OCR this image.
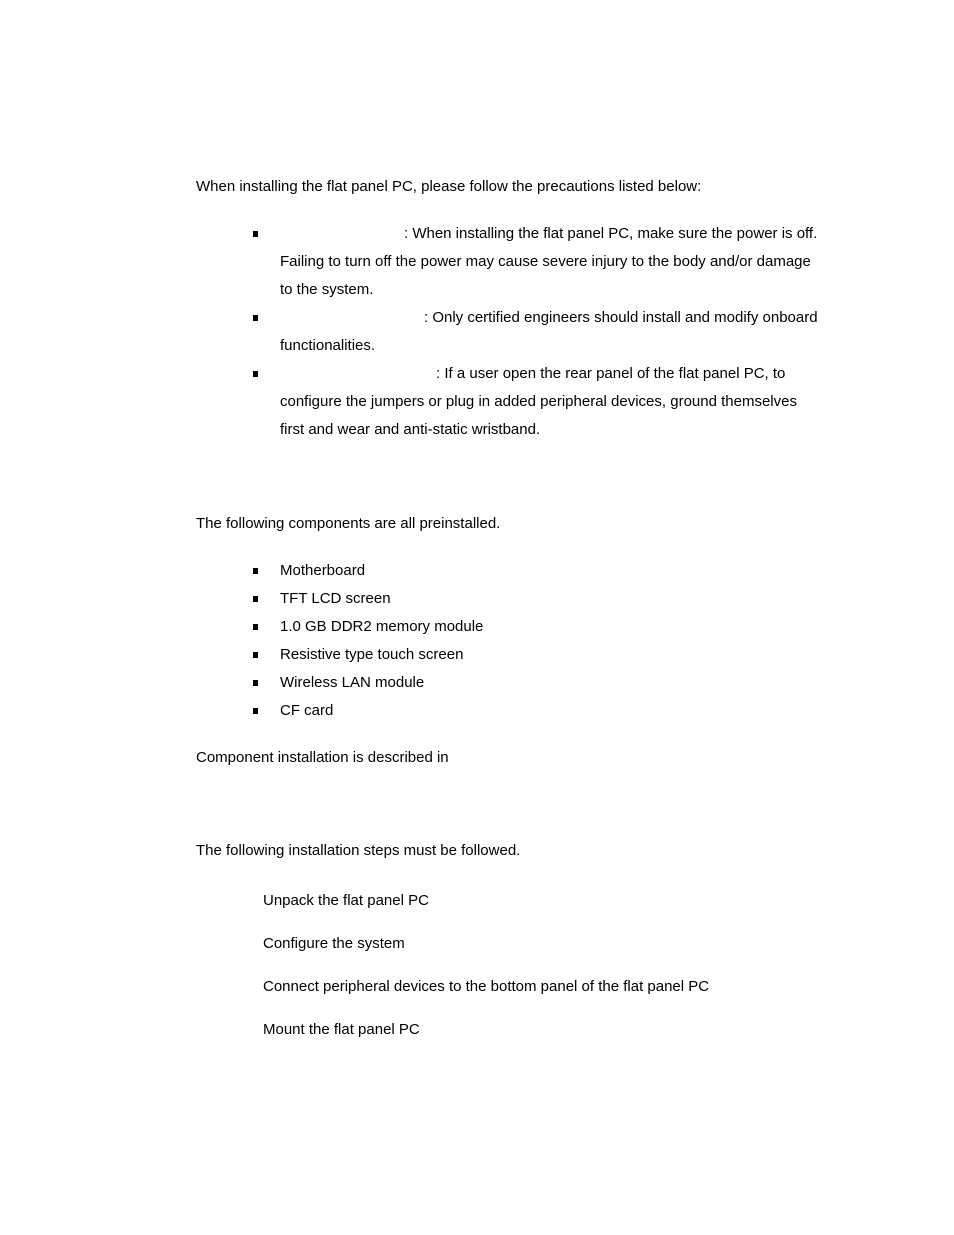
When installing the flat panel PC, please follow the precautions listed below:

: When installing the flat panel PC, make sure the power is off. Failing to turn off the power may cause severe injury to the body and/or damage to the system.
: Only certified engineers should install and modify onboard functionalities.
: If a user open the rear panel of the flat panel PC, to configure the jumpers or plug in added peripheral devices, ground themselves first and wear and anti-static wristband.

The following components are all preinstalled.

Motherboard
TFT LCD screen
1.0 GB DDR2 memory module
Resistive type touch screen
Wireless LAN module
CF card

Component installation is described in

The following installation steps must be followed.

Unpack the flat panel PC
Configure the system
Connect peripheral devices to the bottom panel of the flat panel PC
Mount the flat panel PC
